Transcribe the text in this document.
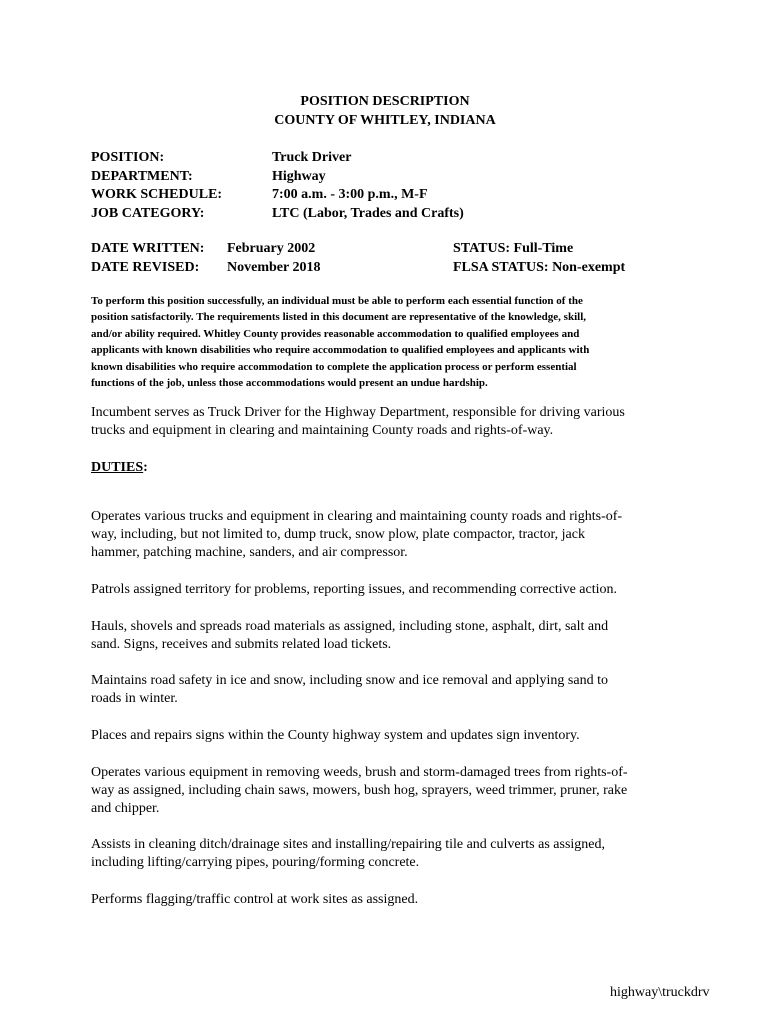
POSITION DESCRIPTION
COUNTY OF WHITLEY, INDIANA
POSITION:	Truck Driver
DEPARTMENT:	Highway
WORK SCHEDULE:	7:00 a.m. - 3:00 p.m., M-F
JOB CATEGORY:	LTC (Labor, Trades and Crafts)
DATE WRITTEN: February 2002	STATUS: Full-Time
DATE REVISED: November 2018	FLSA STATUS: Non-exempt
To perform this position successfully, an individual must be able to perform each essential function of the
position satisfactorily. The requirements listed in this document are representative of the knowledge, skill,
and/or ability required. Whitley County provides reasonable accommodation to qualified employees and
applicants with known disabilities who require accommodation to qualified employees and applicants with
known disabilities who require accommodation to complete the application process or perform essential
functions of the job, unless those accommodations would present an undue hardship.
Incumbent serves as Truck Driver for the Highway Department, responsible for driving various
trucks and equipment in clearing and maintaining County roads and rights-of-way.
DUTIES:
Operates various trucks and equipment in clearing and maintaining county roads and rights-of-
way, including, but not limited to, dump truck, snow plow, plate compactor, tractor, jack
hammer, patching machine, sanders, and air compressor.
Patrols assigned territory for problems, reporting issues, and recommending corrective action.
Hauls, shovels and spreads road materials as assigned, including stone, asphalt, dirt, salt and
sand. Signs, receives and submits related load tickets.
Maintains road safety in ice and snow, including snow and ice removal and applying sand to
roads in winter.
Places and repairs signs within the County highway system and updates sign inventory.
Operates various equipment in removing weeds, brush and storm-damaged trees from rights-of-
way as assigned, including chain saws, mowers, bush hog, sprayers, weed trimmer, pruner, rake
and chipper.
Assists in cleaning ditch/drainage sites and installing/repairing tile and culverts as assigned,
including lifting/carrying pipes, pouring/forming concrete.
Performs flagging/traffic control at work sites as assigned.
highway\truckdrv
